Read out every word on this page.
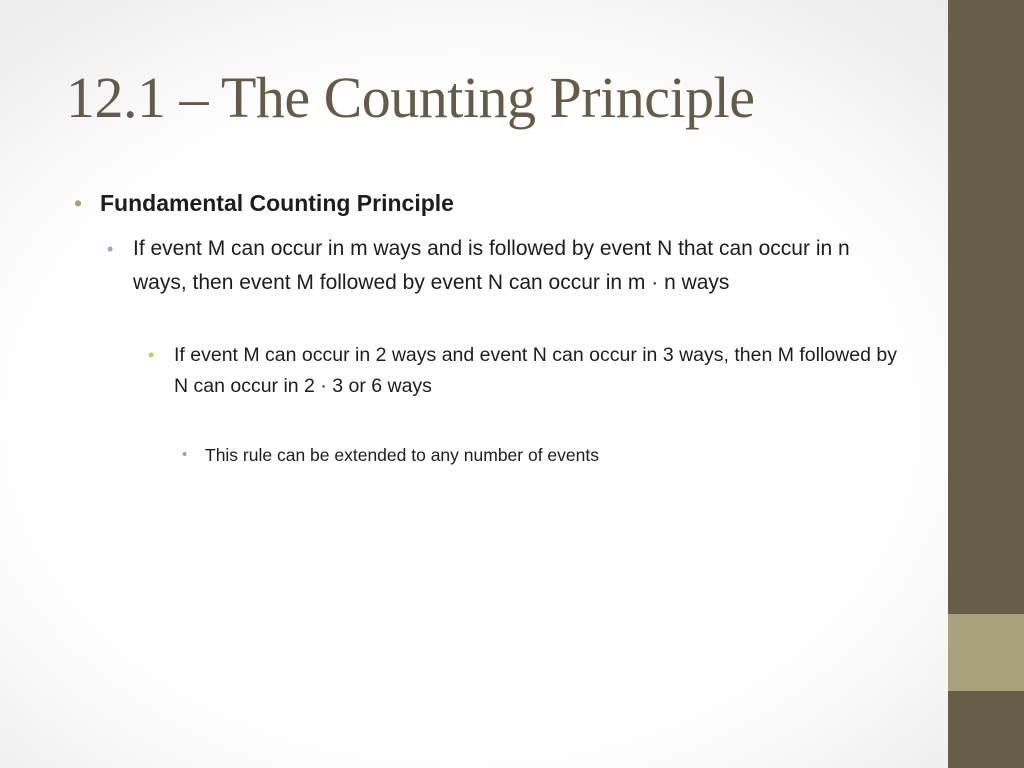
12.1 – The Counting Principle
• Fundamental Counting Principle
• If event M can occur in m ways and is followed by event N that can occur in n ways, then event M followed by event N can occur in m · n ways
• If event M can occur in 2 ways and event N can occur in 3 ways, then M followed by N can occur in 2 · 3 or 6 ways
• This rule can be extended to any number of events
